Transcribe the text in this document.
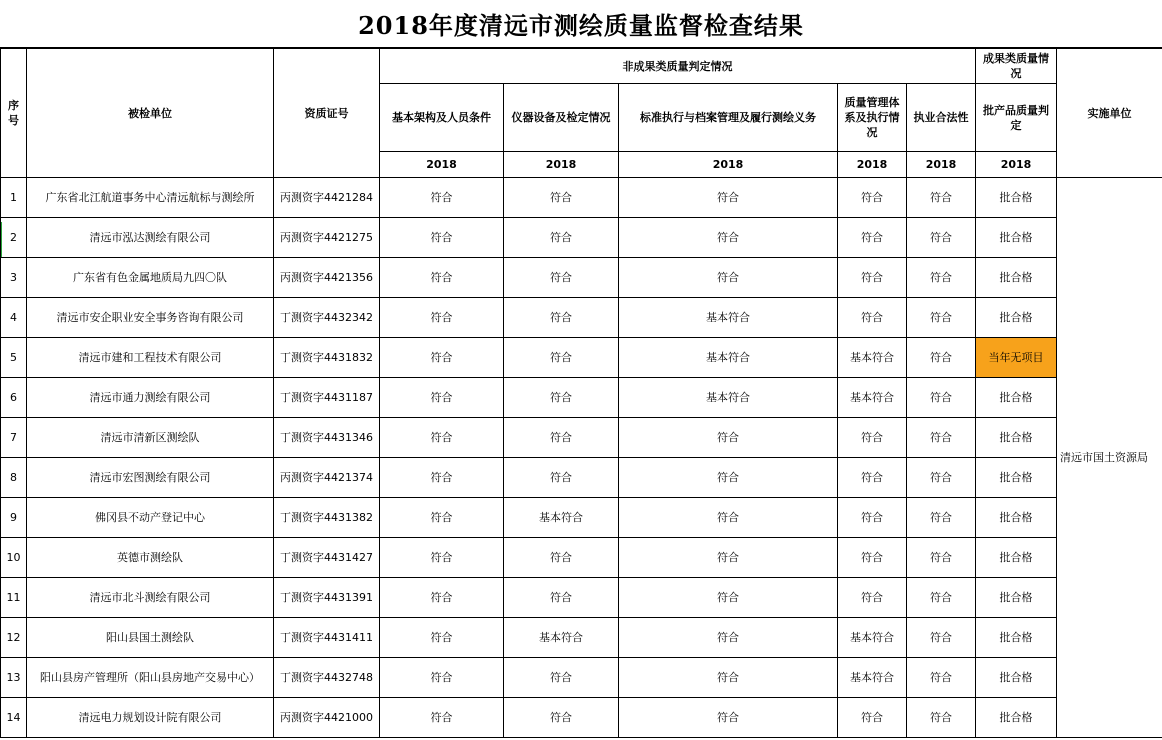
2018年度清远市测绘质量监督检查结果
序号	被检单位	资质证号	非成果类质量判定情况					成果类质量情况	实施单位
			基本架构及人员条件	仪器设备及检定情况	标准执行与档案管理及履行测绘义务	质量管理体系及执行情况	执业合法性	批产品质量判定	
			2018	2018	2018	2018	2018	2018	
1	广东省北江航道事务中心清远航标与测绘所	丙测资字4421284	符合	符合	符合	符合	符合	批合格	清远市国土资源局
2	清远市泓达测绘有限公司	丙测资字4421275	符合	符合	符合	符合	符合	批合格	
3	广东省有色金属地质局九四〇队	丙测资字4421356	符合	符合	符合	符合	符合	批合格	
4	清远市安企职业安全事务咨询有限公司	丁测资字4432342	符合	符合	基本符合	符合	符合	批合格	
5	清远市建和工程技术有限公司	丁测资字4431832	符合	符合	基本符合	基本符合	符合	当年无项目	
6	清远市通力测绘有限公司	丁测资字4431187	符合	符合	基本符合	基本符合	符合	批合格	
7	清远市清新区测绘队	丁测资字4431346	符合	符合	符合	符合	符合	批合格	
8	清远市宏图测绘有限公司	丙测资字4421374	符合	符合	符合	符合	符合	批合格	
9	佛冈县不动产登记中心	丁测资字4431382	符合	基本符合	符合	符合	符合	批合格	
10	英德市测绘队	丁测资字4431427	符合	符合	符合	符合	符合	批合格	
11	清远市北斗测绘有限公司	丁测资字4431391	符合	符合	符合	符合	符合	批合格	
12	阳山县国土测绘队	丁测资字4431411	符合	基本符合	符合	基本符合	符合	批合格	
13	阳山县房产管理所（阳山县房地产交易中心）	丁测资字4432748	符合	符合	符合	基本符合	符合	批合格	
14	清远电力规划设计院有限公司	丙测资字4421000	符合	符合	符合	符合	符合	批合格	
